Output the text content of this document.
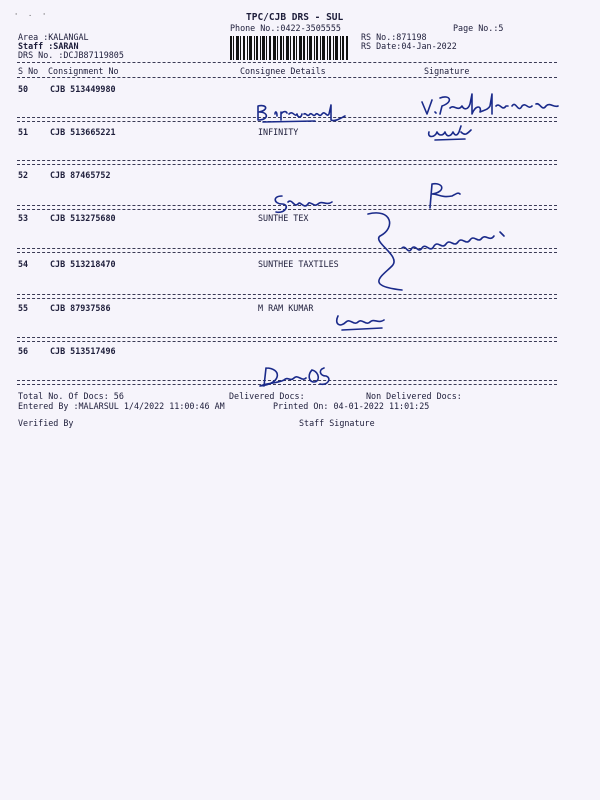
' · '	TPC/CJB DRS - SUL
Phone No.:0422-3505555	Page No.:5
Area :KALANGAL
Staff :SARAN
DRS No. :DCJB87119805
RS No.:871198
RS Date:04-Jan-2022
S No Consignment No	Consignee Details	Signature
50	CJB 513449980
51	CJB 513665221	INFINITY
52	CJB 87465752
53	CJB 513275680	SUNTHE TEX
54	CJB 513218470	SUNTHEE TAXTILES
55	CJB 87937586	M RAM KUMAR
56	CJB 513517496
Total No. Of Docs: 56	Delivered Docs:	Non Delivered Docs:
Entered By :MALARSUL 1/4/2022 11:00:46 AM	Printed On: 04-01-2022 11:01:25
Verified By	Staff Signature
